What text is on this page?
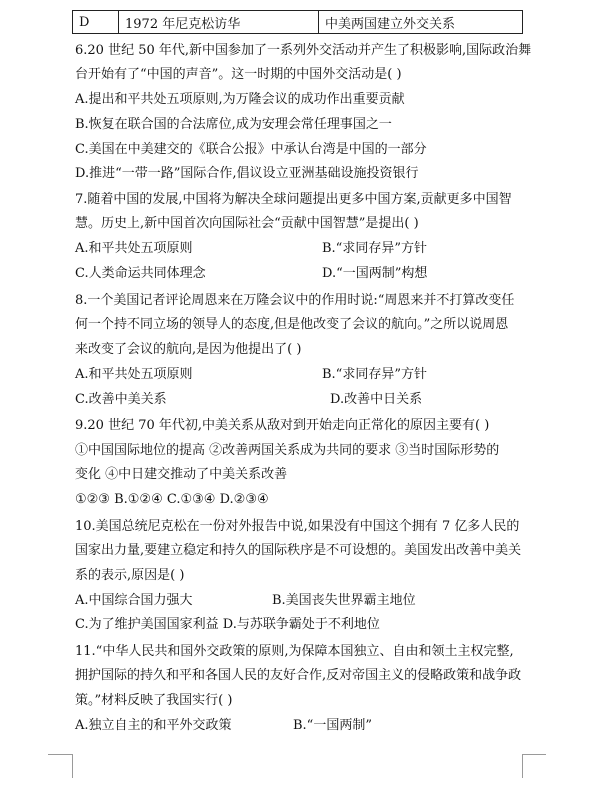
D	1972 年尼克松访华	中美两国建立外交关系
6.20 世纪 50 年代,新中国参加了一系列外交活动并产生了积极影响,国际政治舞
台开始有了“中国的声音”。这一时期的中国外交活动是( )
A.提出和平共处五项原则,为万隆会议的成功作出重要贡献
B.恢复在联合国的合法席位,成为安理会常任理事国之一
C.美国在中美建交的《联合公报》中承认台湾是中国的一部分
D.推进“一带一路”国际合作,倡议设立亚洲基础设施投资银行
7.随着中国的发展,中国将为解决全球问题提出更多中国方案,贡献更多中国智
慧。历史上,新中国首次向国际社会“贡献中国智慧”是提出( )
A.和平共处五项原则	B.“求同存异”方针
C.人类命运共同体理念	D.“一国两制”构想
8.一个美国记者评论周恩来在万隆会议中的作用时说:“周恩来并不打算改变任
何一个持不同立场的领导人的态度,但是他改变了会议的航向。”之所以说周恩
来改变了会议的航向,是因为他提出了( )
A.和平共处五项原则	B.“求同存异”方针
C.改善中美关系	D.改善中日关系
9.20 世纪 70 年代初,中美关系从敌对到开始走向正常化的原因主要有( )
①中国国际地位的提高 ②改善两国关系成为共同的要求 ③当时国际形势的
变化 ④中日建交推动了中美关系改善
①②③ B.①②④ C.①③④ D.②③④
10.美国总统尼克松在一份对外报告中说,如果没有中国这个拥有 7 亿多人民的
国家出力量,要建立稳定和持久的国际秩序是不可设想的。美国发出改善中美关
系的表示,原因是( )
A.中国综合国力强大	B.美国丧失世界霸主地位
C.为了维护美国国家利益 D.与苏联争霸处于不利地位
11.“中华人民共和国外交政策的原则,为保障本国独立、自由和领土主权完整,
拥护国际的持久和平和各国人民的友好合作,反对帝国主义的侵略政策和战争政
策。”材料反映了我国实行( )
A.独立自主的和平外交政策	B.“一国两制”
